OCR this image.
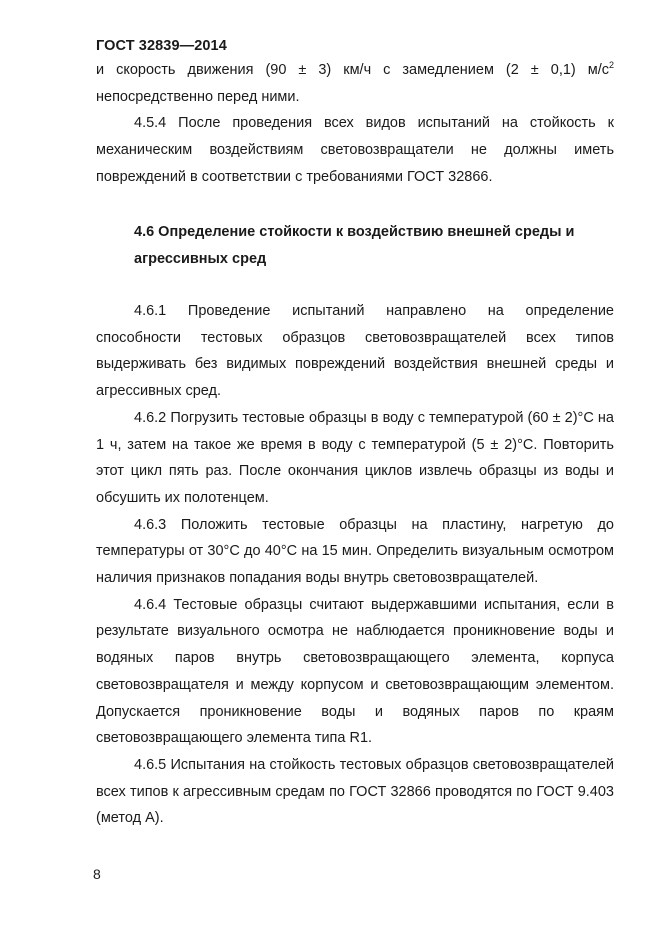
ГОСТ 32839—2014

и скорость движения (90 ± 3) км/ч с замедлением (2 ± 0,1) $м/с^2$ непосредственно перед ними.

4.5.4 После проведения всех видов испытаний на стойкость к механическим воздействиям световозвращатели не должны иметь повреждений в соответствии с требованиями ГОСТ 32866.

4.6 Определение стойкости к воздействию внешней среды и агрессивных сред

4.6.1 Проведение испытаний направлено на определение способности тестовых образцов световозвращателей всех типов выдерживать без видимых повреждений воздействия внешней среды и агрессивных сред.

4.6.2 Погрузить тестовые образцы в воду с температурой (60 ± 2)°С на 1 ч, затем на такое же время в воду с температурой (5 ± 2)°С. Повторить этот цикл пять раз. После окончания циклов извлечь образцы из воды и обсушить их полотенцем.

4.6.3 Положить тестовые образцы на пластину, нагретую до температуры от 30°С до 40°С на 15 мин. Определить визуальным осмотром наличия признаков попадания воды внутрь световозвращателей.

4.6.4 Тестовые образцы считают выдержавшими испытания, если в результате визуального осмотра не наблюдается проникновение воды и водяных паров внутрь световозвращающего элемента, корпуса световозвращателя и между корпусом и световозвращающим элементом. Допускается проникновение воды и водяных паров по краям световозвращающего элемента типа R1.

4.6.5 Испытания на стойкость тестовых образцов световозвращателей всех типов к агрессивным средам по ГОСТ 32866 проводятся по ГОСТ 9.403 (метод А).

8
